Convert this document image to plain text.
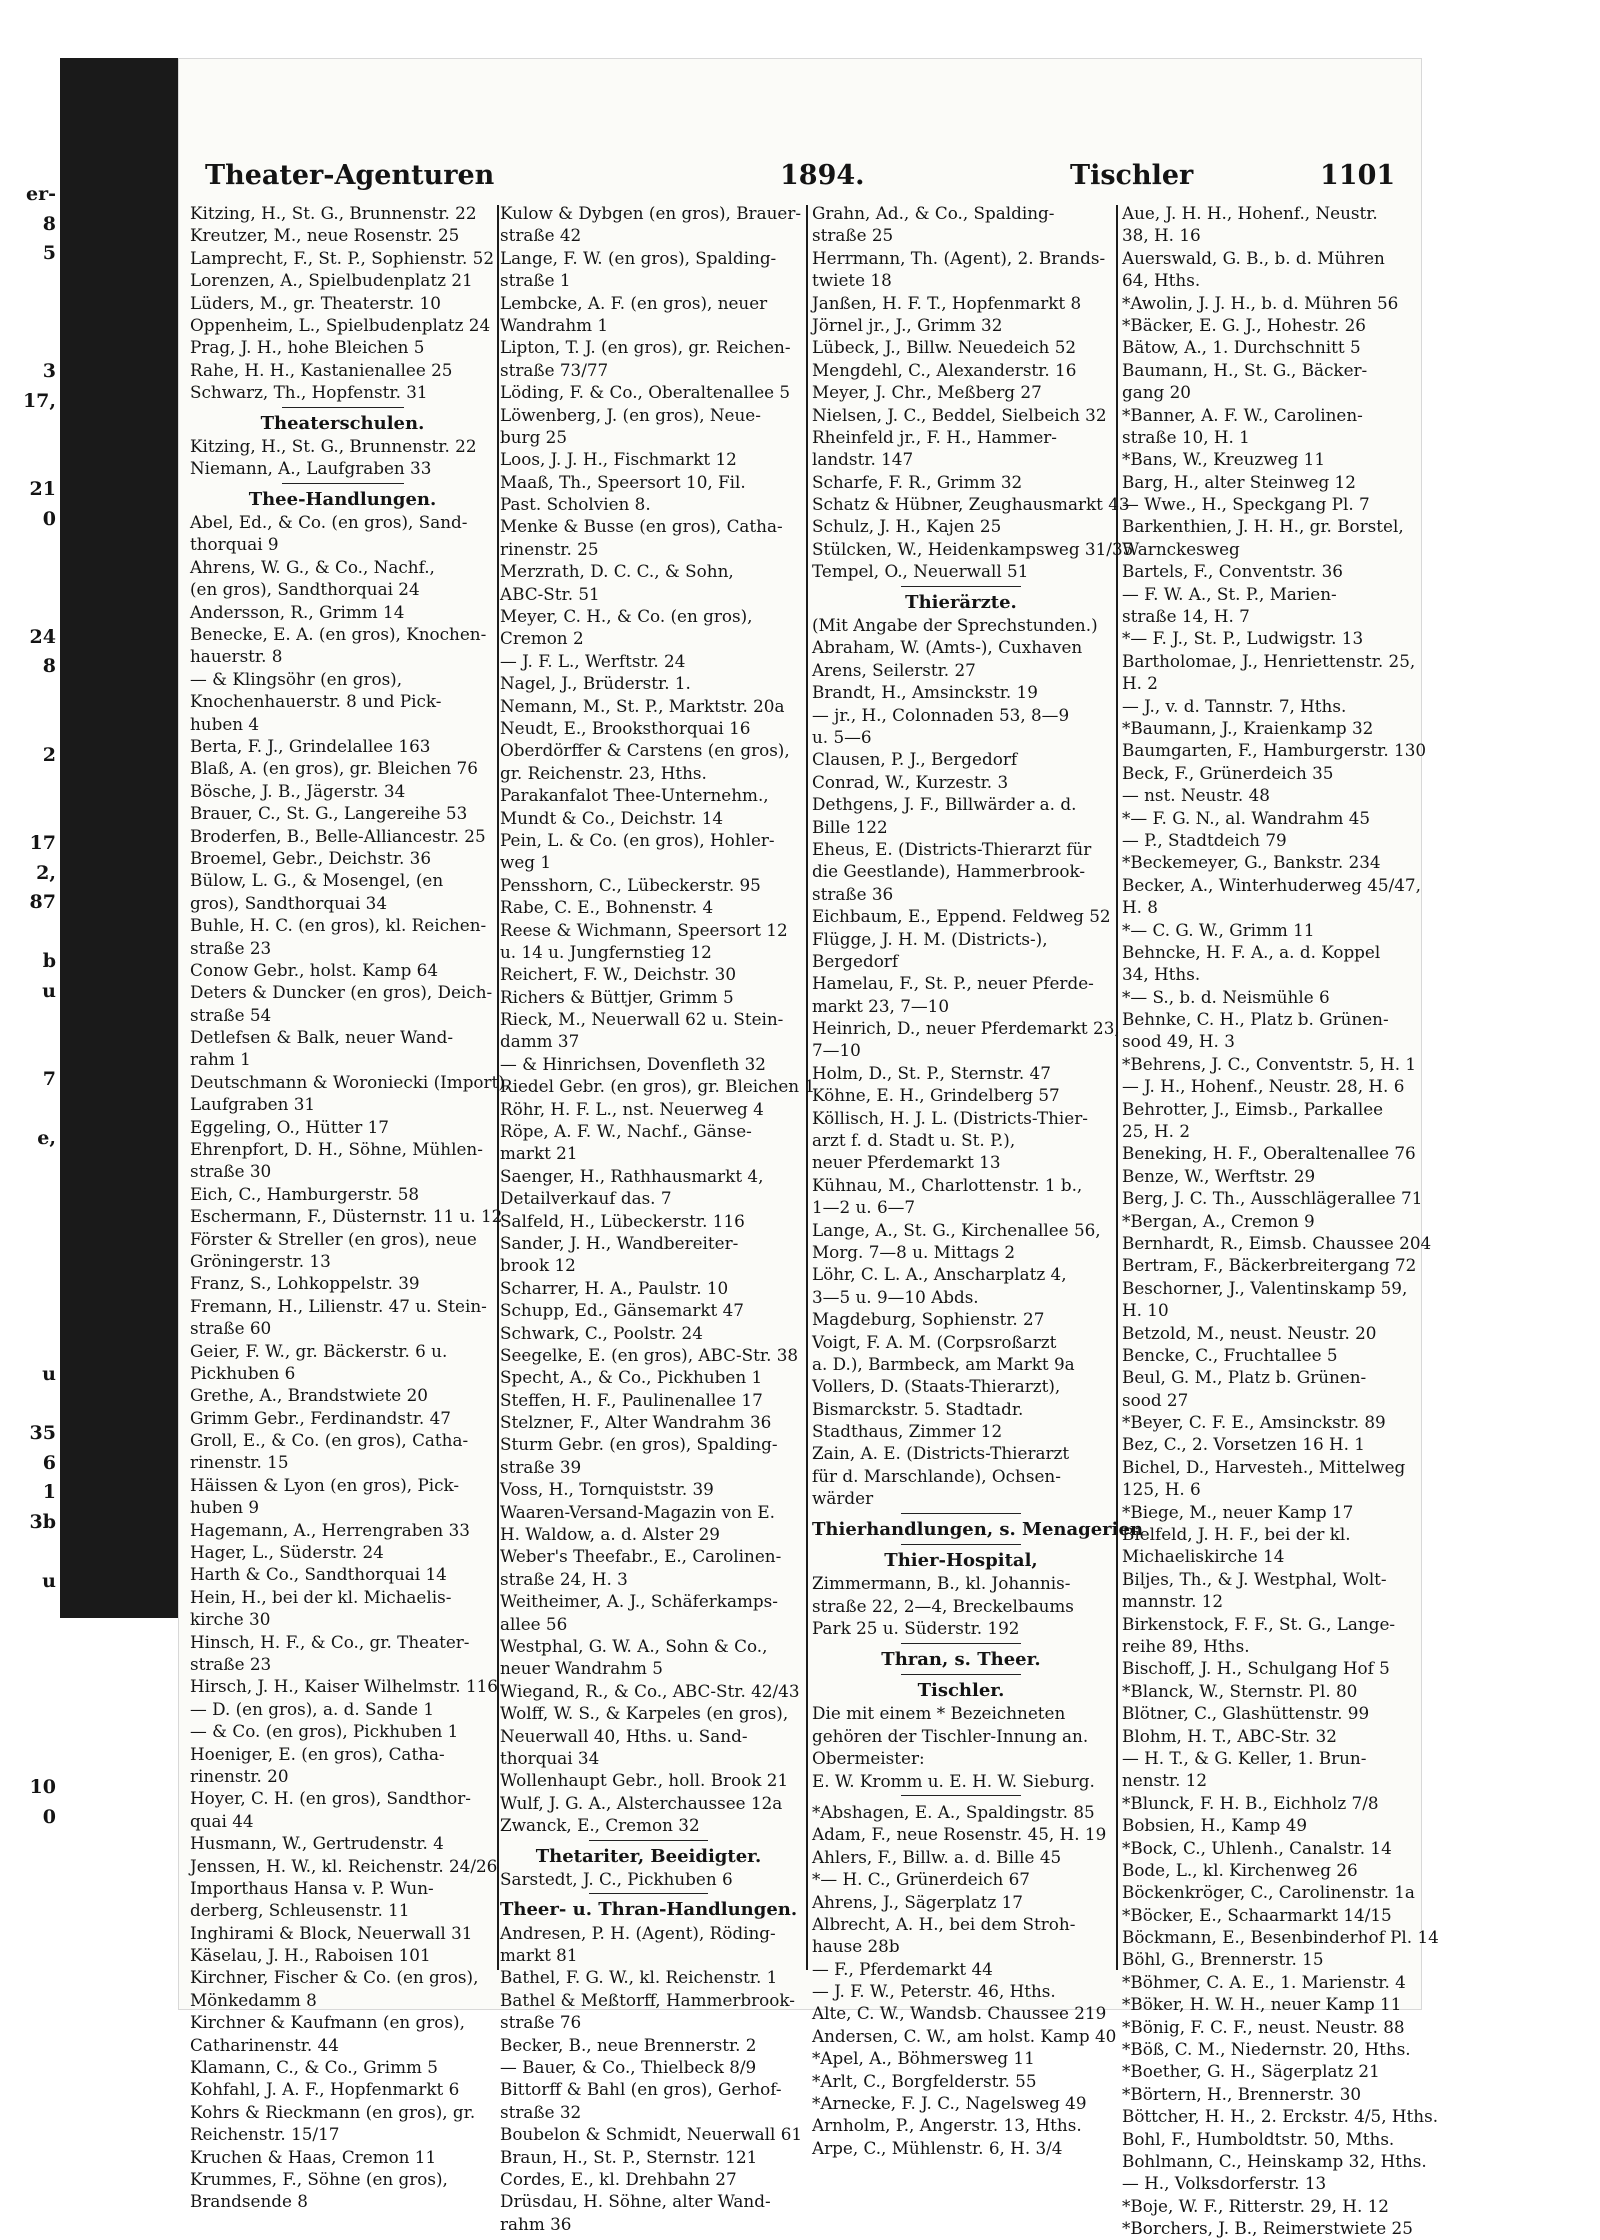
er-
8
5
3
17,
21
0
24
8
2
17
2,
87
b
u
7
e,
u
35
6
1
3b
u
10
0
Theater-Agenturen	1894.	Tischler	1101
Kitzing, H., St. G., Brunnenstr. 22
Kreutzer, M., neue Rosenstr. 25
Lamprecht, F., St. P., Sophienstr. 52
Lorenzen, A., Spielbudenplatz 21
Lüders, M., gr. Theaterstr. 10
Oppenheim, L., Spielbudenplatz 24
Prag, J. H., hohe Bleichen 5
Rahe, H. H., Kastanienallee 25
Schwarz, Th., Hopfenstr. 31
Theaterschulen.
Kitzing, H., St. G., Brunnenstr. 22
Niemann, A., Laufgraben 33
Thee-Handlungen.
Abel, Ed., & Co. (en gros), Sand-
thorquai 9
Ahrens, W. G., & Co., Nachf.,
(en gros), Sandthorquai 24
Andersson, R., Grimm 14
Benecke, E. A. (en gros), Knochen-
hauerstr. 8
— & Klingsöhr (en gros),
Knochenhauerstr. 8 und Pick-
huben 4
Berta, F. J., Grindelallee 163
Blaß, A. (en gros), gr. Bleichen 76
Bösche, J. B., Jägerstr. 34
Brauer, C., St. G., Langereihe 53
Broderfen, B., Belle-Alliancestr. 25
Broemel, Gebr., Deichstr. 36
Bülow, L. G., & Mosengel, (en
gros), Sandthorquai 34
Buhle, H. C. (en gros), kl. Reichen-
straße 23
Conow Gebr., holst. Kamp 64
Deters & Duncker (en gros), Deich-
straße 54
Detlefsen & Balk, neuer Wand-
rahm 1
Deutschmann & Woroniecki (Import),
Laufgraben 31
Eggeling, O., Hütter 17
Ehrenpfort, D. H., Söhne, Mühlen-
straße 30
Eich, C., Hamburgerstr. 58
Eschermann, F., Düsternstr. 11 u. 12
Förster & Streller (en gros), neue
Gröningerstr. 13
Franz, S., Lohkoppelstr. 39
Fremann, H., Lilienstr. 47 u. Stein-
straße 60
Geier, F. W., gr. Bäckerstr. 6 u.
Pickhuben 6
Grethe, A., Brandstwiete 20
Grimm Gebr., Ferdinandstr. 47
Groll, E., & Co. (en gros), Catha-
rinenstr. 15
Häissen & Lyon (en gros), Pick-
huben 9
Hagemann, A., Herrengraben 33
Hager, L., Süderstr. 24
Harth & Co., Sandthorquai 14
Hein, H., bei der kl. Michaelis-
kirche 30
Hinsch, H. F., & Co., gr. Theater-
straße 23
Hirsch, J. H., Kaiser Wilhelmstr. 116
— D. (en gros), a. d. Sande 1
— & Co. (en gros), Pickhuben 1
Hoeniger, E. (en gros), Catha-
rinenstr. 20
Hoyer, C. H. (en gros), Sandthor-
quai 44
Husmann, W., Gertrudenstr. 4
Jenssen, H. W., kl. Reichenstr. 24/26
Importhaus Hansa v. P. Wun-
derberg, Schleusenstr. 11
Inghirami & Block, Neuerwall 31
Käselau, J. H., Raboisen 101
Kirchner, Fischer & Co. (en gros),
Mönkedamm 8
Kirchner & Kaufmann (en gros),
Catharinenstr. 44
Klamann, C., & Co., Grimm 5
Kohfahl, J. A. F., Hopfenmarkt 6
Kohrs & Rieckmann (en gros), gr.
Reichenstr. 15/17
Kruchen & Haas, Cremon 11
Krummes, F., Söhne (en gros),
Brandsende 8
Kulow & Dybgen (en gros), Brauer-
straße 42
Lange, F. W. (en gros), Spalding-
straße 1
Lembcke, A. F. (en gros), neuer
Wandrahm 1
Lipton, T. J. (en gros), gr. Reichen-
straße 73/77
Löding, F. & Co., Oberaltenallee 5
Löwenberg, J. (en gros), Neue-
burg 25
Loos, J. J. H., Fischmarkt 12
Maaß, Th., Speersort 10, Fil.
Past. Scholvien 8.
Menke & Busse (en gros), Catha-
rinenstr. 25
Merzrath, D. C. C., & Sohn,
ABC-Str. 51
Meyer, C. H., & Co. (en gros),
Cremon 2
— J. F. L., Werftstr. 24
Nagel, J., Brüderstr. 1.
Nemann, M., St. P., Marktstr. 20a
Neudt, E., Brooksthorquai 16
Oberdörffer & Carstens (en gros),
gr. Reichenstr. 23, Hths.
Parakanfalot Thee-Unternehm.,
Mundt & Co., Deichstr. 14
Pein, L. & Co. (en gros), Hohler-
weg 1
Pensshorn, C., Lübeckerstr. 95
Rabe, C. E., Bohnenstr. 4
Reese & Wichmann, Speersort 12
u. 14 u. Jungfernstieg 12
Reichert, F. W., Deichstr. 30
Richers & Büttjer, Grimm 5
Rieck, M., Neuerwall 62 u. Stein-
damm 37
— & Hinrichsen, Dovenfleth 32
Riedel Gebr. (en gros), gr. Bleichen 1
Röhr, H. F. L., nst. Neuerweg 4
Röpe, A. F. W., Nachf., Gänse-
markt 21
Saenger, H., Rathhausmarkt 4,
Detailverkauf das. 7
Salfeld, H., Lübeckerstr. 116
Sander, J. H., Wandbereiter-
brook 12
Scharrer, H. A., Paulstr. 10
Schupp, Ed., Gänsemarkt 47
Schwark, C., Poolstr. 24
Seegelke, E. (en gros), ABC-Str. 38
Specht, A., & Co., Pickhuben 1
Steffen, H. F., Paulinenallee 17
Stelzner, F., Alter Wandrahm 36
Sturm Gebr. (en gros), Spalding-
straße 39
Voss, H., Tornquiststr. 39
Waaren-Versand-Magazin von E.
H. Waldow, a. d. Alster 29
Weber's Theefabr., E., Carolinen-
straße 24, H. 3
Weitheimer, A. J., Schäferkamps-
allee 56
Westphal, G. W. A., Sohn & Co.,
neuer Wandrahm 5
Wiegand, R., & Co., ABC-Str. 42/43
Wolff, W. S., & Karpeles (en gros),
Neuerwall 40, Hths. u. Sand-
thorquai 34
Wollenhaupt Gebr., holl. Brook 21
Wulf, J. G. A., Alsterchaussee 12a
Zwanck, E., Cremon 32
Thetariter, Beeidigter.
Sarstedt, J. C., Pickhuben 6
Theer- u. Thran-Handlungen.
Andresen, P. H. (Agent), Röding-
markt 81
Bathel, F. G. W., kl. Reichenstr. 1
Bathel & Meßtorff, Hammerbrook-
straße 76
Becker, B., neue Brennerstr. 2
— Bauer, & Co., Thielbeck 8/9
Bittorff & Bahl (en gros), Gerhof-
straße 32
Boubelon & Schmidt, Neuerwall 61
Braun, H., St. P., Sternstr. 121
Cordes, E., kl. Drehbahn 27
Drüsdau, H. Söhne, alter Wand-
rahm 36
Grahn, Ad., & Co., Spalding-
straße 25
Herrmann, Th. (Agent), 2. Brands-
twiete 18
Janßen, H. F. T., Hopfenmarkt 8
Jörnel jr., J., Grimm 32
Lübeck, J., Billw. Neuedeich 52
Mengdehl, C., Alexanderstr. 16
Meyer, J. Chr., Meßberg 27
Nielsen, J. C., Beddel, Sielbeich 32
Rheinfeld jr., F. H., Hammer-
landstr. 147
Scharfe, F. R., Grimm 32
Schatz & Hübner, Zeughausmarkt 43
Schulz, J. H., Kajen 25
Stülcken, W., Heidenkampsweg 31/35
Tempel, O., Neuerwall 51
Thierärzte.
(Mit Angabe der Sprechstunden.)
Abraham, W. (Amts-), Cuxhaven
Arens, Seilerstr. 27
Brandt, H., Amsinckstr. 19
— jr., H., Colonnaden 53, 8—9
u. 5—6
Clausen, P. J., Bergedorf
Conrad, W., Kurzestr. 3
Dethgens, J. F., Billwärder a. d.
Bille 122
Eheus, E. (Districts-Thierarzt für
die Geestlande), Hammerbrook-
straße 36
Eichbaum, E., Eppend. Feldweg 52
Flügge, J. H. M. (Districts-),
Bergedorf
Hamelau, F., St. P., neuer Pferde-
markt 23, 7—10
Heinrich, D., neuer Pferdemarkt 23,
7—10
Holm, D., St. P., Sternstr. 47
Köhne, E. H., Grindelberg 57
Köllisch, H. J. L. (Districts-Thier-
arzt f. d. Stadt u. St. P.),
neuer Pferdemarkt 13
Kühnau, M., Charlottenstr. 1 b.,
1—2 u. 6—7
Lange, A., St. G., Kirchenallee 56,
Morg. 7—8 u. Mittags 2
Löhr, C. L. A., Anscharplatz 4,
3—5 u. 9—10 Abds.
Magdeburg, Sophienstr. 27
Voigt, F. A. M. (Corpsroßarzt
a. D.), Barmbeck, am Markt 9a
Vollers, D. (Staats-Thierarzt),
Bismarckstr. 5. Stadtadr.
Stadthaus, Zimmer 12
Zain, A. E. (Districts-Thierarzt
für d. Marschlande), Ochsen-
wärder
Thierhandlungen, s. Menagerien
Thier-Hospital,
Zimmermann, B., kl. Johannis-
straße 22, 2—4, Breckelbaums
Park 25 u. Süderstr. 192
Thran, s. Theer.
Tischler.
Die mit einem * Bezeichneten
gehören der Tischler-Innung an.
Obermeister:
E. W. Kromm u. E. H. W. Sieburg.
*Abshagen, E. A., Spaldingstr. 85
Adam, F., neue Rosenstr. 45, H. 19
Ahlers, F., Billw. a. d. Bille 45
*— H. C., Grünerdeich 67
Ahrens, J., Sägerplatz 17
Albrecht, A. H., bei dem Stroh-
hause 28b
— F., Pferdemarkt 44
— J. F. W., Peterstr. 46, Hths.
Alte, C. W., Wandsb. Chaussee 219
Andersen, C. W., am holst. Kamp 40
*Apel, A., Böhmersweg 11
*Arlt, C., Borgfelderstr. 55
*Arnecke, F. J. C., Nagelsweg 49
Arnholm, P., Angerstr. 13, Hths.
Arpe, C., Mühlenstr. 6, H. 3/4
Aue, J. H. H., Hohenf., Neustr.
38, H. 16
Auerswald, G. B., b. d. Mühren
64, Hths.
*Awolin, J. J. H., b. d. Mühren 56
*Bäcker, E. G. J., Hohestr. 26
Bätow, A., 1. Durchschnitt 5
Baumann, H., St. G., Bäcker-
gang 20
*Banner, A. F. W., Carolinen-
straße 10, H. 1
*Bans, W., Kreuzweg 11
Barg, H., alter Steinweg 12
— Wwe., H., Speckgang Pl. 7
Barkenthien, J. H. H., gr. Borstel,
Warnckesweg
Bartels, F., Conventstr. 36
— F. W. A., St. P., Marien-
straße 14, H. 7
*— F. J., St. P., Ludwigstr. 13
Bartholomae, J., Henriettenstr. 25,
H. 2
— J., v. d. Tannstr. 7, Hths.
*Baumann, J., Kraienkamp 32
Baumgarten, F., Hamburgerstr. 130
Beck, F., Grünerdeich 35
— nst. Neustr. 48
*— F. G. N., al. Wandrahm 45
— P., Stadtdeich 79
*Beckemeyer, G., Bankstr. 234
Becker, A., Winterhuderweg 45/47,
H. 8
*— C. G. W., Grimm 11
Behncke, H. F. A., a. d. Koppel
34, Hths.
*— S., b. d. Neismühle 6
Behnke, C. H., Platz b. Grünen-
sood 49, H. 3
*Behrens, J. C., Conventstr. 5, H. 1
— J. H., Hohenf., Neustr. 28, H. 6
Behrotter, J., Eimsb., Parkallee
25, H. 2
Beneking, H. F., Oberaltenallee 76
Benze, W., Werftstr. 29
Berg, J. C. Th., Ausschlägerallee 71
*Bergan, A., Cremon 9
Bernhardt, R., Eimsb. Chaussee 204
Bertram, F., Bäckerbreitergang 72
Beschorner, J., Valentinskamp 59,
H. 10
Betzold, M., neust. Neustr. 20
Bencke, C., Fruchtallee 5
Beul, G. M., Platz b. Grünen-
sood 27
*Beyer, C. F. E., Amsinckstr. 89
Bez, C., 2. Vorsetzen 16 H. 1
Bichel, D., Harvesteh., Mittelweg
125, H. 6
*Biege, M., neuer Kamp 17
Bielfeld, J. H. F., bei der kl.
Michaeliskirche 14
Biljes, Th., & J. Westphal, Wolt-
mannstr. 12
Birkenstock, F. F., St. G., Lange-
reihe 89, Hths.
Bischoff, J. H., Schulgang Hof 5
*Blanck, W., Sternstr. Pl. 80
Blötner, C., Glashüttenstr. 99
Blohm, H. T., ABC-Str. 32
— H. T., & G. Keller, 1. Brun-
nenstr. 12
*Blunck, F. H. B., Eichholz 7/8
Bobsien, H., Kamp 49
*Bock, C., Uhlenh., Canalstr. 14
Bode, L., kl. Kirchenweg 26
Böckenkröger, C., Carolinenstr. 1a
*Böcker, E., Schaarmarkt 14/15
Böckmann, E., Besenbinderhof Pl. 14
Böhl, G., Brennerstr. 15
*Böhmer, C. A. E., 1. Marienstr. 4
*Böker, H. W. H., neuer Kamp 11
*Bönig, F. C. F., neust. Neustr. 88
*Böß, C. M., Niedernstr. 20, Hths.
*Boether, G. H., Sägerplatz 21
*Börtern, H., Brennerstr. 30
Böttcher, H. H., 2. Erckstr. 4/5, Hths.
Bohl, F., Humboldtstr. 50, Mths.
Bohlmann, C., Heinskamp 32, Hths.
— H., Volksdorferstr. 13
*Boje, W. F., Ritterstr. 29, H. 12
*Borchers, J. B., Reimerstwiete 25
